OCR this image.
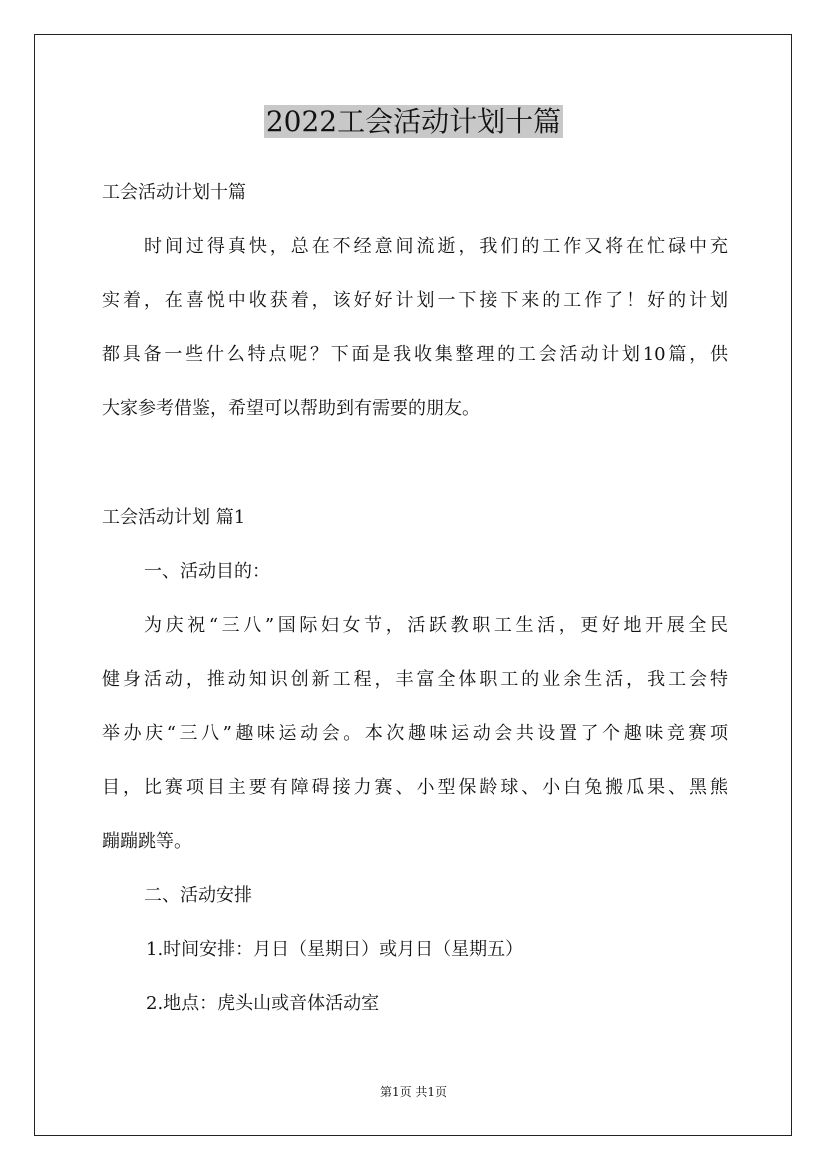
2022工会活动计划十篇

工会活动计划十篇

时间过得真快，总在不经意间流逝，我们的工作又将在忙碌中充

实着，在喜悦中收获着，该好好计划一下接下来的工作了！好的计划

都具备一些什么特点呢？下面是我收集整理的工会活动计划10篇，供

大家参考借鉴，希望可以帮助到有需要的朋友。

工会活动计划 篇1

一、活动目的：

为庆祝“三八”国际妇女节，活跃教职工生活，更好地开展全民

健身活动，推动知识创新工程，丰富全体职工的业余生活，我工会特

举办庆“三八”趣味运动会。本次趣味运动会共设置了个趣味竞赛项

目，比赛项目主要有障碍接力赛、小型保龄球、小白兔搬瓜果、黑熊

蹦蹦跳等。

二、活动安排

1.时间安排：月日（星期日）或月日（星期五）

2.地点：虎头山或音体活动室

第1页 共1页
